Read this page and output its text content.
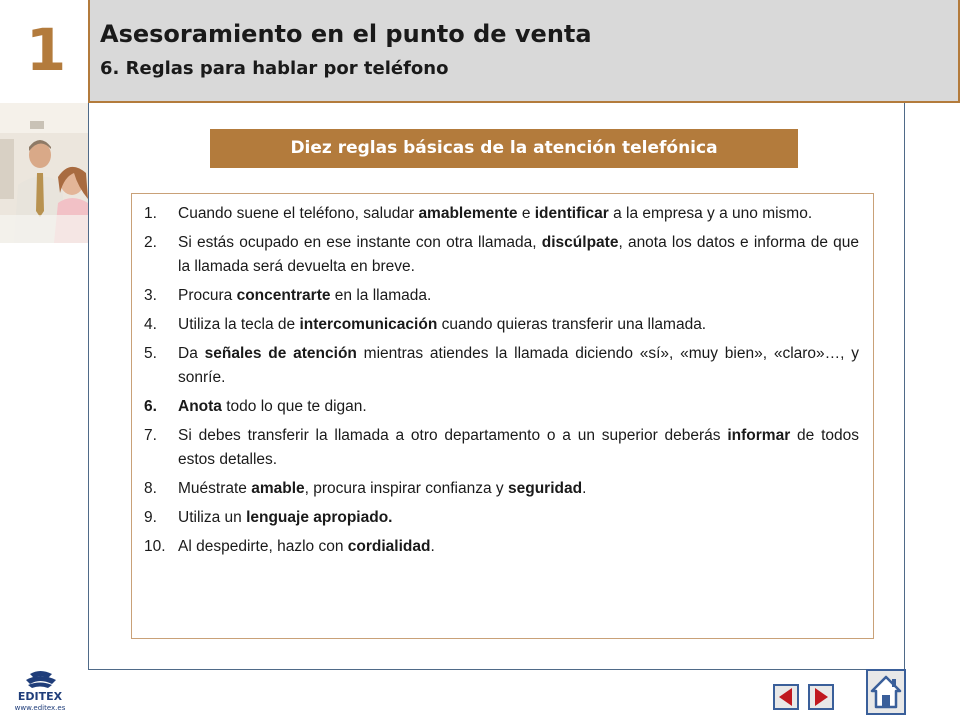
1	Asesoramiento en el punto de venta
6. Reglas para hablar por teléfono
Diez reglas básicas de la atención telefónica
1.	Cuando suene el teléfono, saludar amablemente e identificar a la empresa y a uno mismo.
2.	Si estás ocupado en ese instante con otra llamada, discúlpate, anota los datos e informa de que la llamada será devuelta en breve.
3.	Procura concentrarte en la llamada.
4.	Utiliza la tecla de intercomunicación cuando quieras transferir una llamada.
5.	Da señales de atención mientras atiendes la llamada diciendo «sí», «muy bien», «claro»…, y sonríe.
6.	Anota todo lo que te digan.
7.	Si debes transferir la llamada a otro departamento o a un superior deberás informar de todos estos detalles.
8.	Muéstrate amable, procura inspirar confianza y seguridad.
9.	Utiliza un lenguaje apropiado.
10. Al despedirte, hazlo con cordialidad.
EDITEX
www.editex.es
